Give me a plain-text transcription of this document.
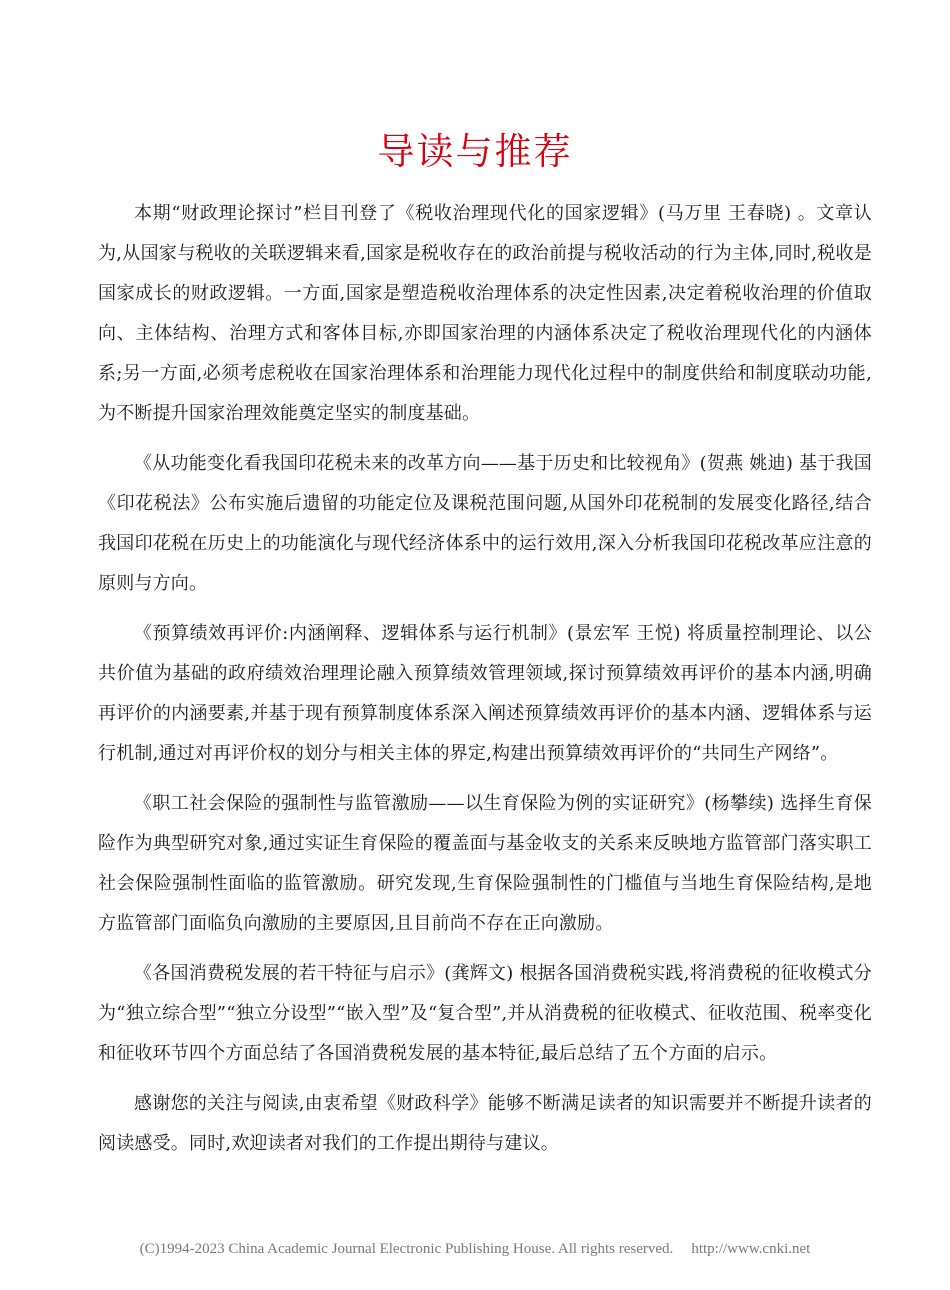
导读与推荐

本期“财政理论探讨”栏目刊登了《税收治理现代化的国家逻辑》(马万里 王春晓) 。文章认为,从国家与税收的关联逻辑来看,国家是税收存在的政治前提与税收活动的行为主体,同时,税收是国家成长的财政逻辑。一方面,国家是塑造税收治理体系的决定性因素,决定着税收治理的价值取向、主体结构、治理方式和客体目标,亦即国家治理的内涵体系决定了税收治理现代化的内涵体系;另一方面,必须考虑税收在国家治理体系和治理能力现代化过程中的制度供给和制度联动功能,为不断提升国家治理效能奠定坚实的制度基础。

《从功能变化看我国印花税未来的改革方向——基于历史和比较视角》(贺燕 姚迪) 基于我国《印花税法》公布实施后遗留的功能定位及课税范围问题,从国外印花税制的发展变化路径,结合我国印花税在历史上的功能演化与现代经济体系中的运行效用,深入分析我国印花税改革应注意的原则与方向。

《预算绩效再评价:内涵阐释、逻辑体系与运行机制》(景宏军 王悦) 将质量控制理论、以公共价值为基础的政府绩效治理理论融入预算绩效管理领域,探讨预算绩效再评价的基本内涵,明确再评价的内涵要素,并基于现有预算制度体系深入阐述预算绩效再评价的基本内涵、逻辑体系与运行机制,通过对再评价权的划分与相关主体的界定,构建出预算绩效再评价的“共同生产网络”。

《职工社会保险的强制性与监管激励——以生育保险为例的实证研究》(杨攀续) 选择生育保险作为典型研究对象,通过实证生育保险的覆盖面与基金收支的关系来反映地方监管部门落实职工社会保险强制性面临的监管激励。研究发现,生育保险强制性的门槛值与当地生育保险结构,是地方监管部门面临负向激励的主要原因,且目前尚不存在正向激励。

《各国消费税发展的若干特征与启示》(龚辉文) 根据各国消费税实践,将消费税的征收模式分为“独立综合型”“独立分设型”“嵌入型”及“复合型”,并从消费税的征收模式、征收范围、税率变化和征收环节四个方面总结了各国消费税发展的基本特征,最后总结了五个方面的启示。

感谢您的关注与阅读,由衷希望《财政科学》能够不断满足读者的知识需要并不断提升读者的阅读感受。同时,欢迎读者对我们的工作提出期待与建议。

(C)1994-2023 China Academic Journal Electronic Publishing House. All rights reserved. http://www.cnki.net
